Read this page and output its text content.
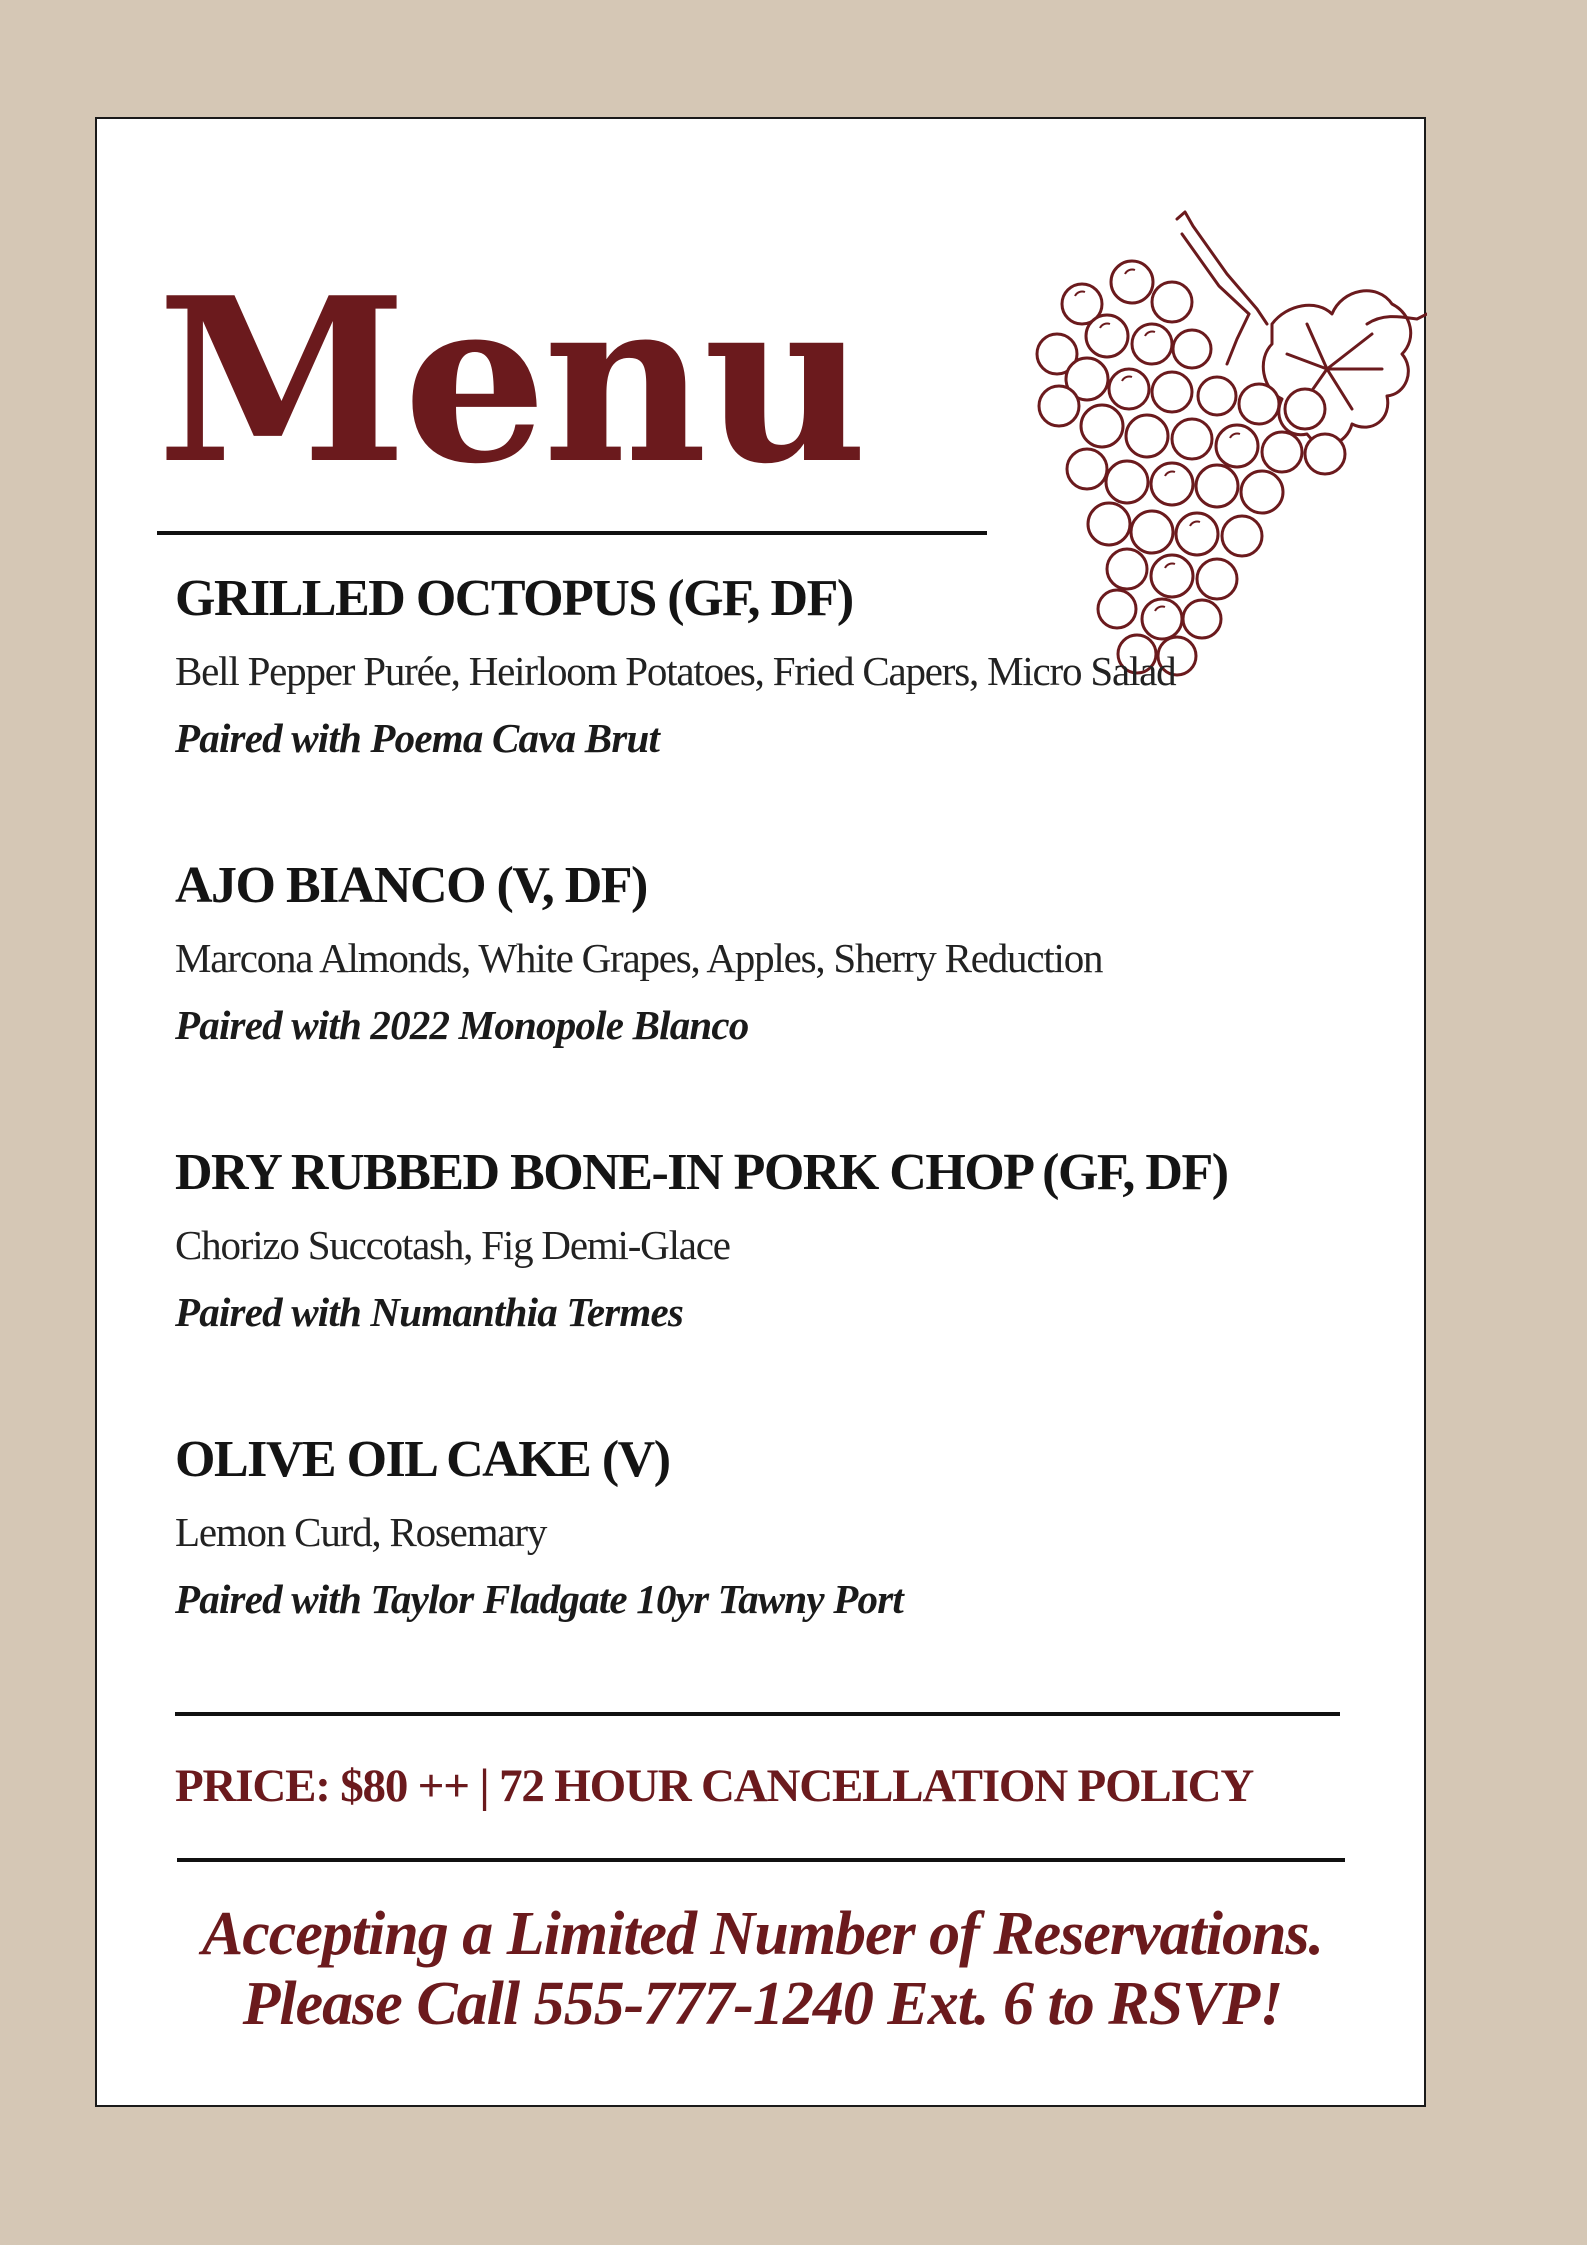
Menu

GRILLED OCTOPUS (GF, DF)

Bell Pepper Purée, Heirloom Potatoes, Fried Capers, Micro Salad

Paired with Poema Cava Brut

AJO BIANCO (V, DF)

Marcona Almonds, White Grapes, Apples, Sherry Reduction

Paired with 2022 Monopole Blanco

DRY RUBBED BONE-IN PORK CHOP (GF, DF)

Chorizo Succotash, Fig Demi-Glace

Paired with Numanthia Termes

OLIVE OIL CAKE (V)

Lemon Curd, Rosemary

Paired with Taylor Fladgate 10yr Tawny Port

PRICE: $80 ++ | 72 HOUR CANCELLATION POLICY

Accepting a Limited Number of Reservations.
Please Call 555-777-1240 Ext. 6 to RSVP!
